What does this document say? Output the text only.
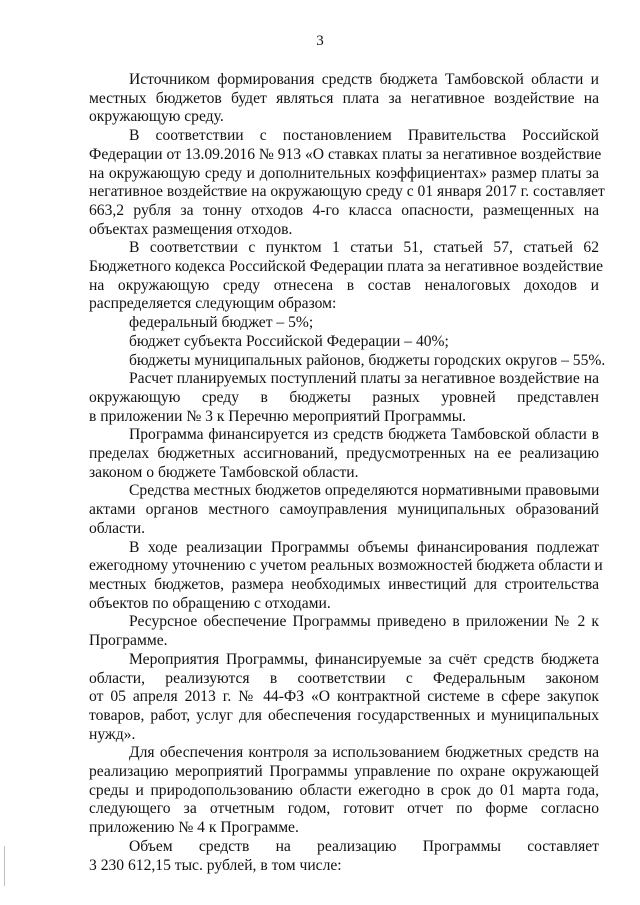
3
Источником формирования средств бюджета Тамбовской области и
местных бюджетов будет являться плата за негативное воздействие на
окружающую среду.
В соответствии с постановлением Правительства Российской
Федерации от 13.09.2016 № 913 «О ставках платы за негативное воздействие
на окружающую среду и дополнительных коэффициентах» размер платы за
негативное воздействие на окружающую среду с 01 января 2017 г. составляет
663,2 рубля за тонну отходов 4-го класса опасности, размещенных на
объектах размещения отходов.
В соответствии с пунктом 1 статьи 51, статьей 57, статьей 62
Бюджетного кодекса Российской Федерации плата за негативное воздействие
на окружающую среду отнесена в состав неналоговых доходов и
распределяется следующим образом:
федеральный бюджет – 5%;
бюджет субъекта Российской Федерации – 40%;
бюджеты муниципальных районов, бюджеты городских округов – 55%.
Расчет планируемых поступлений платы за негативное воздействие на
окружающую среду в бюджеты разных уровней представлен
в приложении № 3 к Перечню мероприятий Программы.
Программа финансируется из средств бюджета Тамбовской области в
пределах бюджетных ассигнований, предусмотренных на ее реализацию
законом о бюджете Тамбовской области.
Средства местных бюджетов определяются нормативными правовыми
актами органов местного самоуправления муниципальных образований
области.
В ходе реализации Программы объемы финансирования подлежат
ежегодному уточнению с учетом реальных возможностей бюджета области и
местных бюджетов, размера необходимых инвестиций для строительства
объектов по обращению с отходами.
Ресурсное обеспечение Программы приведено в приложении № 2 к
Программе.
Мероприятия Программы, финансируемые за счёт средств бюджета
области, реализуются в соответствии с Федеральным законом
от 05 апреля 2013 г. № 44-ФЗ «О контрактной системе в сфере закупок
товаров, работ, услуг для обеспечения государственных и муниципальных
нужд».
Для обеспечения контроля за использованием бюджетных средств на
реализацию мероприятий Программы управление по охране окружающей
среды и природопользованию области ежегодно в срок до 01 марта года,
следующего за отчетным годом, готовит отчет по форме согласно
приложению № 4 к Программе.
Объем средств на реализацию Программы составляет
3 230 612,15 тыс. рублей, в том числе:
